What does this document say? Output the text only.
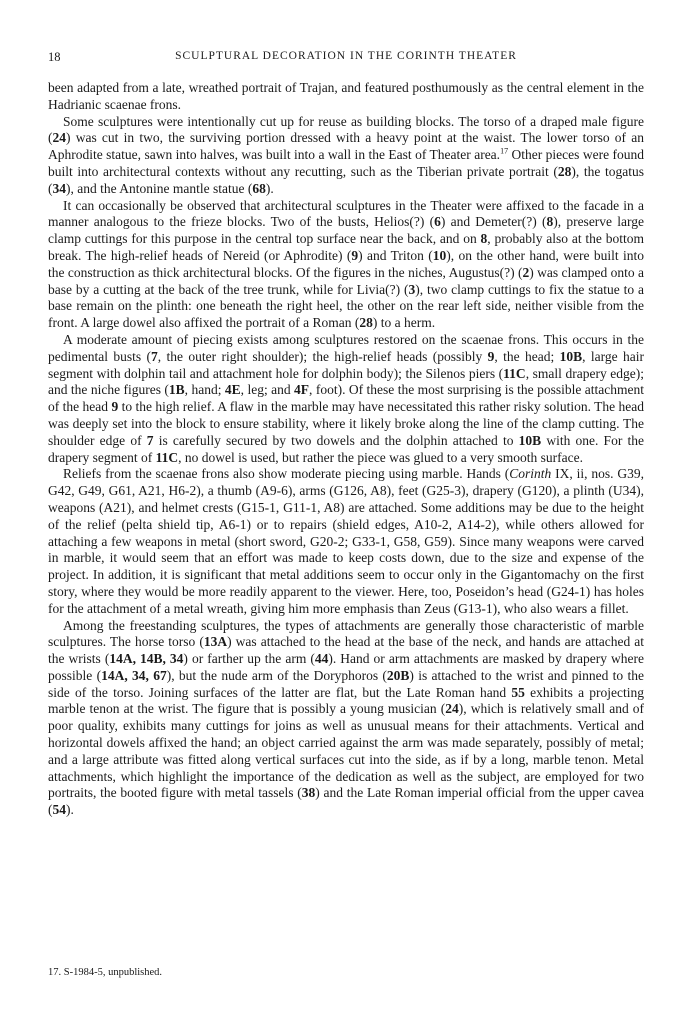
18	SCULPTURAL DECORATION IN THE CORINTH THEATER

been adapted from a late, wreathed portrait of Trajan, and featured posthumously as the central element in the Hadrianic scaenae frons.

Some sculptures were intentionally cut up for reuse as building blocks. The torso of a draped male figure (24) was cut in two, the surviving portion dressed with a heavy point at the waist. The lower torso of an Aphrodite statue, sawn into halves, was built into a wall in the East of Theater area.$^{17}$ Other pieces were found built into architectural contexts without any recutting, such as the Tiberian private portrait (28), the togatus (34), and the Antonine mantle statue (68).

It can occasionally be observed that architectural sculptures in the Theater were affixed to the facade in a manner analogous to the frieze blocks. Two of the busts, Helios(?) (6) and Demeter(?) (8), preserve large clamp cuttings for this purpose in the central top surface near the back, and on 8, probably also at the bottom break. The high-relief heads of Nereid (or Aphrodite) (9) and Triton (10), on the other hand, were built into the construction as thick architectural blocks. Of the figures in the niches, Augustus(?) (2) was clamped onto a base by a cutting at the back of the tree trunk, while for Livia(?) (3), two clamp cuttings to fix the statue to a base remain on the plinth: one beneath the right heel, the other on the rear left side, neither visible from the front. A large dowel also affixed the portrait of a Roman (28) to a herm.

A moderate amount of piecing exists among sculptures restored on the scaenae frons. This occurs in the pedimental busts (7, the outer right shoulder); the high-relief heads (possibly 9, the head; 10B, large hair segment with dolphin tail and attachment hole for dolphin body); the Silenos piers (11C, small drapery edge); and the niche figures (1B, hand; 4E, leg; and 4F, foot). Of these the most surprising is the possible attachment of the head 9 to the high relief. A flaw in the marble may have necessitated this rather risky solution. The head was deeply set into the block to ensure stability, where it likely broke along the line of the clamp cutting. The shoulder edge of 7 is carefully secured by two dowels and the dolphin attached to 10B with one. For the drapery segment of 11C, no dowel is used, but rather the piece was glued to a very smooth surface.

Reliefs from the scaenae frons also show moderate piecing using marble. Hands (Corinth IX, ii, nos. G39, G42, G49, G61, A21, H6-2), a thumb (A9-6), arms (G126, A8), feet (G25-3), drapery (G120), a plinth (U34), weapons (A21), and helmet crests (G15-1, G11-1, A8) are attached. Some additions may be due to the height of the relief (pelta shield tip, A6-1) or to repairs (shield edges, A10-2, A14-2), while others allowed for attaching a few weapons in metal (short sword, G20-2; G33-1, G58, G59). Since many weapons were carved in marble, it would seem that an effort was made to keep costs down, due to the size and expense of the project. In addition, it is significant that metal additions seem to occur only in the Gigantomachy on the first story, where they would be more readily apparent to the viewer. Here, too, Poseidon’s head (G24-1) has holes for the attachment of a metal wreath, giving him more emphasis than Zeus (G13-1), who also wears a fillet.

Among the freestanding sculptures, the types of attachments are generally those characteristic of marble sculptures. The horse torso (13A) was attached to the head at the base of the neck, and hands are attached at the wrists (14A, 14B, 34) or farther up the arm (44). Hand or arm attachments are masked by drapery where possible (14A, 34, 67), but the nude arm of the Doryphoros (20B) is attached to the wrist and pinned to the side of the torso. Joining surfaces of the latter are flat, but the Late Roman hand 55 exhibits a projecting marble tenon at the wrist. The figure that is possibly a young musician (24), which is relatively small and of poor quality, exhibits many cuttings for joins as well as unusual means for their attachments. Vertical and horizontal dowels affixed the hand; an object carried against the arm was made separately, possibly of metal; and a large attribute was fitted along vertical surfaces cut into the side, as if by a long, marble tenon. Metal attachments, which highlight the importance of the dedication as well as the subject, are employed for two portraits, the booted figure with metal tassels (38) and the Late Roman imperial official from the upper cavea (54).

17. S-1984-5, unpublished.
